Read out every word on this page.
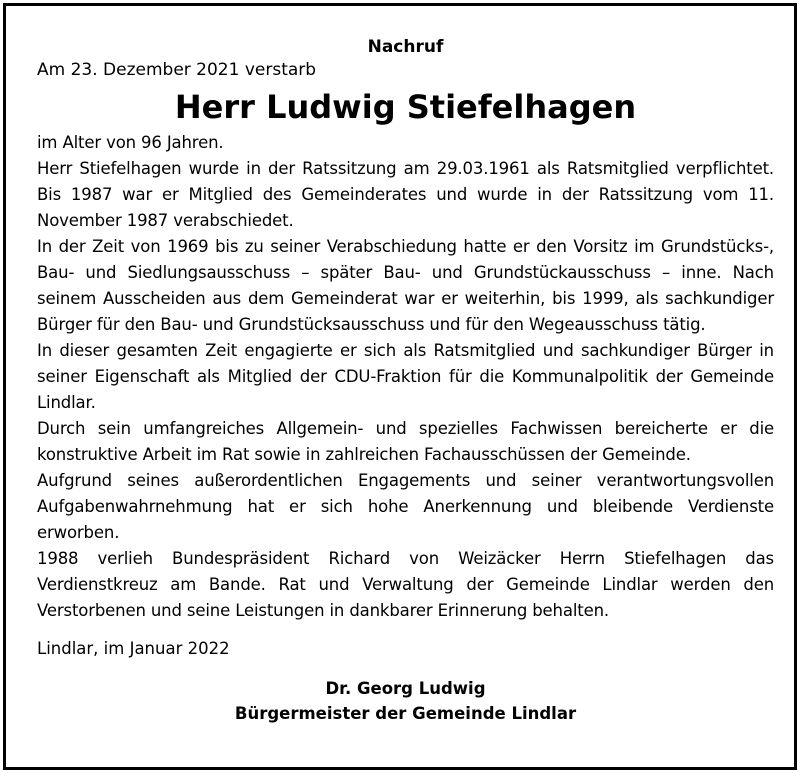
Nachruf
Am 23. Dezember 2021 verstarb
Herr Ludwig Stiefelhagen

im Alter von 96 Jahren.

Herr Stiefelhagen wurde in der Ratssitzung am 29.03.1961 als Ratsmitglied verpflichtet. Bis 1987 war er Mitglied des Gemeinderates und wurde in der Ratssitzung vom 11. November 1987 verabschiedet.

In der Zeit von 1969 bis zu seiner Verabschiedung hatte er den Vorsitz im Grundstücks-, Bau- und Siedlungsausschuss – später Bau- und Grundstückausschuss – inne. Nach seinem Ausscheiden aus dem Gemeinderat war er weiterhin, bis 1999, als sachkundiger Bürger für den Bau- und Grundstücksausschuss und für den Wegeausschuss tätig.

In dieser gesamten Zeit engagierte er sich als Ratsmitglied und sachkundiger Bürger in seiner Eigenschaft als Mitglied der CDU-Fraktion für die Kommunalpolitik der Gemeinde Lindlar.

Durch sein umfangreiches Allgemein- und spezielles Fachwissen bereicherte er die konstruktive Arbeit im Rat sowie in zahlreichen Fachausschüssen der Gemeinde.

Aufgrund seines außerordentlichen Engagements und seiner verantwortungsvollen Aufgabenwahrnehmung hat er sich hohe Anerkennung und bleibende Verdienste erworben.

1988 verlieh Bundespräsident Richard von Weizäcker Herrn Stiefelhagen das Verdienstkreuz am Bande. Rat und Verwaltung der Gemeinde Lindlar werden den Verstorbenen und seine Leistungen in dankbarer Erinnerung behalten.

Lindlar, im Januar 2022
Dr. Georg Ludwig
Bürgermeister der Gemeinde Lindlar
